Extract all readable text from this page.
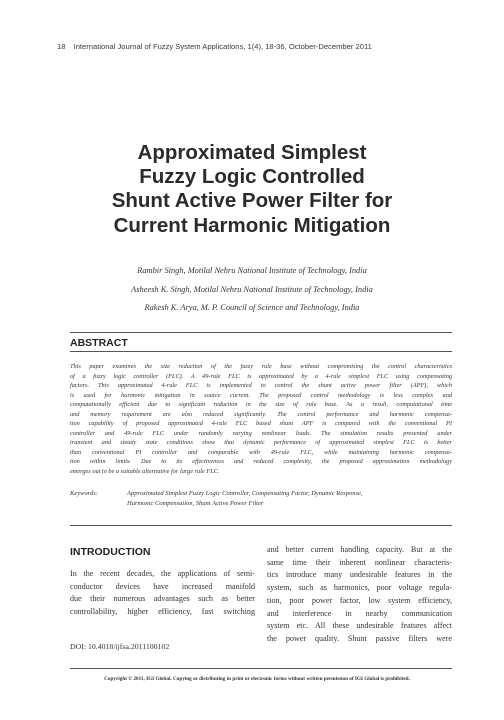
18 International Journal of Fuzzy System Applications, 1(4), 18-36, October-December 2011
Approximated Simplest
Fuzzy Logic Controlled
Shunt Active Power Filter for
Current Harmonic Mitigation
Rambir Singh, Motilal Nehru National Institute of Technology, India
Asheesh K. Singh, Motilal Nehru National Institute of Technology, India
Rakesh K. Arya, M. P. Council of Science and Technology, India
ABSTRACT
This paper examines the size reduction of the fuzzy rule base without compromising the control characteristics
of a fuzzy logic controller (FLC). A 49-rule FLC is approximated by a 4-rule simplest FLC using compensating
factors. This approximated 4-rule FLC is implemented to control the shunt active power filter (APF), which
is used for harmonic mitigation in source current. The proposed control methodology is less complex and
computationally efficient due to significant reduction in the size of rule base. As a result, computational time
and memory requirement are also reduced significantly. The control performance and harmonic compensa-
tion capability of proposed approximated 4-rule FLC based shunt APF is compared with the conventional PI
controller and 49-rule FLC under randomly varying nonlinear loads. The simulation results presented under
transient and steady state conditions show that dynamic performance of approximated simplest FLC is better
than conventional PI controller and comparable with 49-rule FLC, while maintaining harmonic compensa-
tion within limits. Due to its effectiveness and reduced complexity, the proposed approximation methodology
emerges out to be a suitable alternative for large rule FLC.
Keywords:	Approximated Simplest Fuzzy Logic Controller, Compensating Factor, Dynamic Response,
Harmonic Compensation, Shunt Active Power Filter
INTRODUCTION
In the recent decades, the applications of semi-
conductor devices have increased manifold
due their numerous advantages such as better
controllability, higher efficiency, fast switching
and better current handling capacity. But at the
same time their inherent nonlinear characteris-
tics introduce many undesirable features in the
system, such as harmonics, poor voltage regula-
tion, poor power factor, low system efficiency,
and interference in nearby communication
system etc. All these undesirable features affect
the power quality. Shunt passive filters were
DOI: 10.4018/ijfsa.2011100102
Copyright © 2011, IGI Global. Copying or distributing in print or electronic forms without written permission of IGI Global is prohibited.
